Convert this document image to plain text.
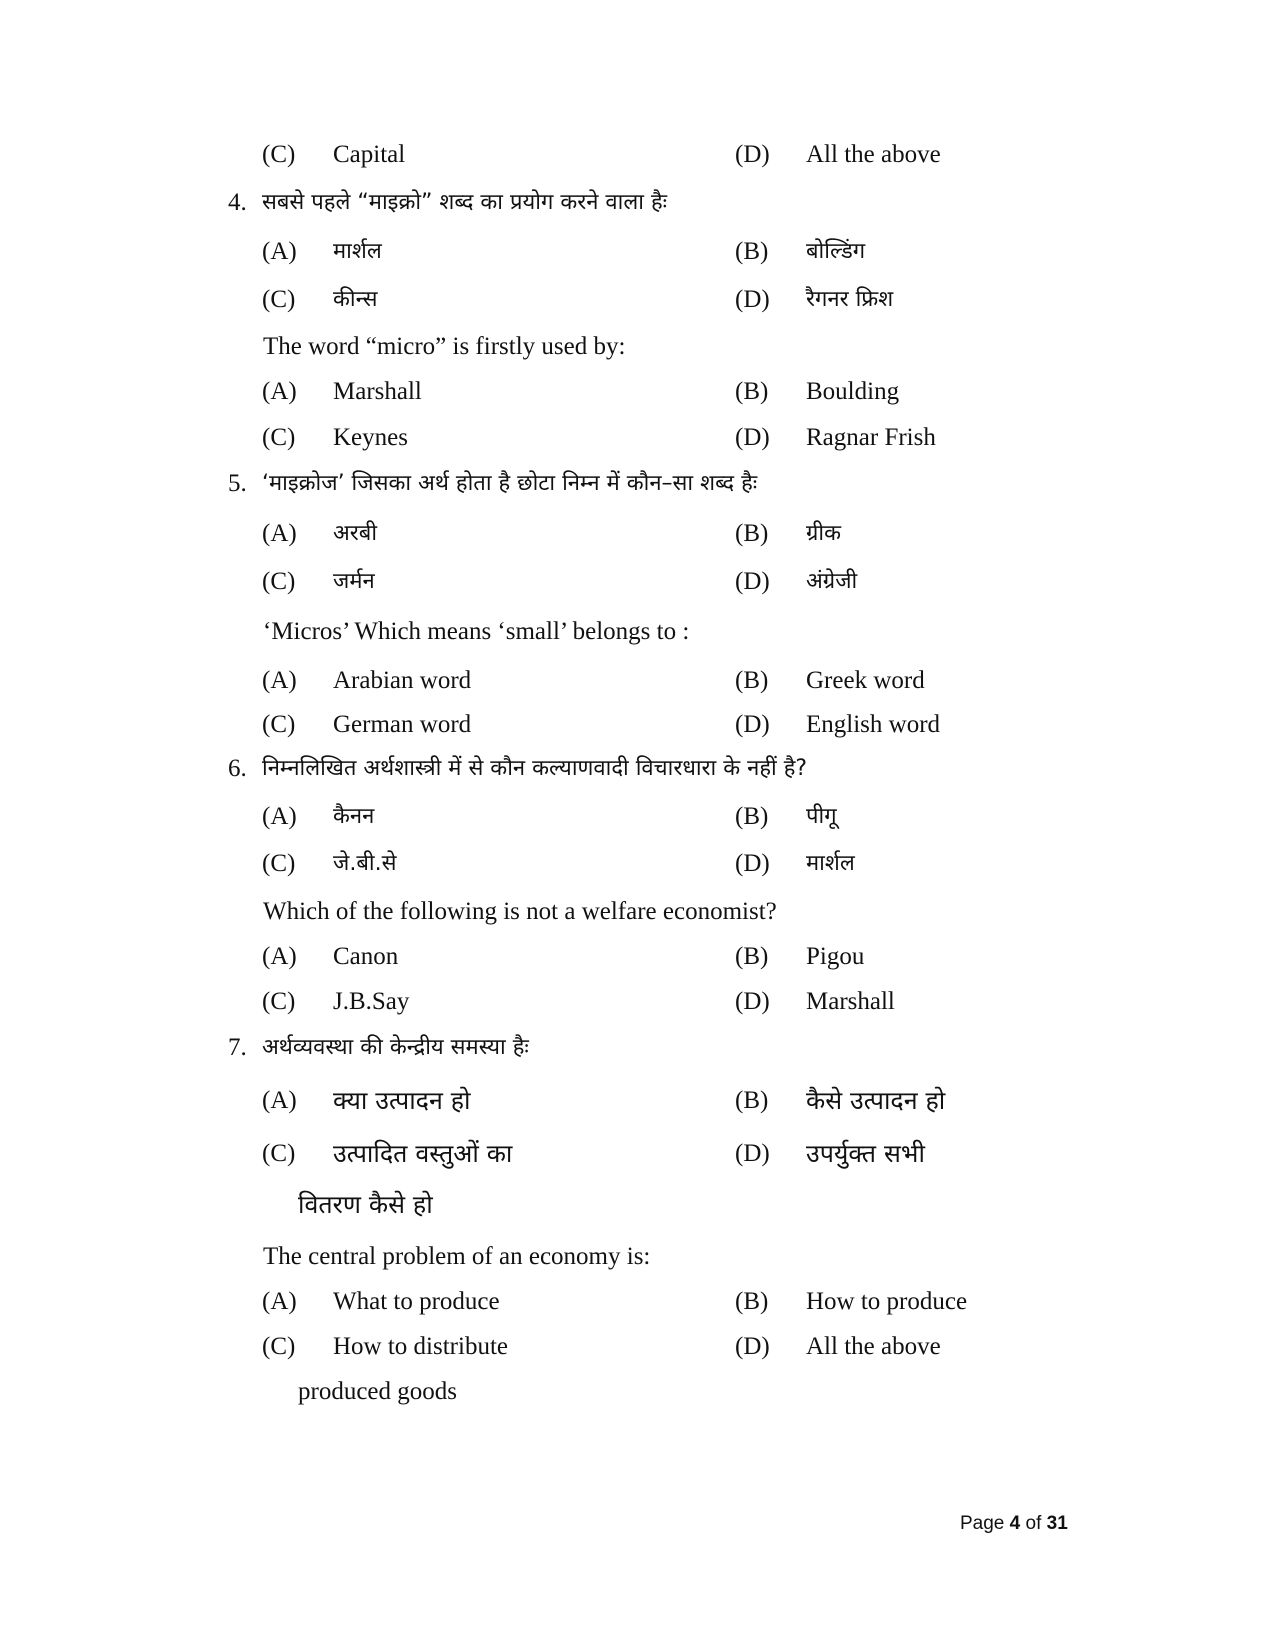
(C) Capital	(D) All the above
4. सबसे पहले “माइक्रो” शब्द का प्रयोग करने वाला हैः
(A) मार्शल	(B) बोल्डिंग
(C) कीन्स	(D) रैगनर फ्रिश
The word “micro” is firstly used by:
(A) Marshall	(B) Boulding
(C) Keynes	(D) Ragnar Frish
5. ‘माइक्रोज’ जिसका अर्थ होता है छोटा निम्न में कौन–सा शब्द हैः
(A) अरबी	(B) ग्रीक
(C) जर्मन	(D) अंग्रेजी
‘Micros’ Which means ‘small’ belongs to :
(A) Arabian word	(B) Greek word
(C) German word	(D) English word
6. निम्नलिखित अर्थशास्त्री में से कौन कल्याणवादी विचारधारा के नहीं है?
(A) कैनन	(B) पीगू
(C) जे.बी.से	(D) मार्शल
Which of the following is not a welfare economist?
(A) Canon	(B) Pigou
(C) J.B.Say	(D) Marshall
7. अर्थव्यवस्था की केन्द्रीय समस्या हैः
(A) क्या उत्पादन हो	(B) कैसे उत्पादन हो
(C) उत्पादित वस्तुओं का	(D) उपर्युक्त सभी
वितरण कैसे हो
The central problem of an economy is:
(A) What to produce	(B) How to produce
(C) How to distribute	(D) All the above
produced goods
Page 4 of 31
